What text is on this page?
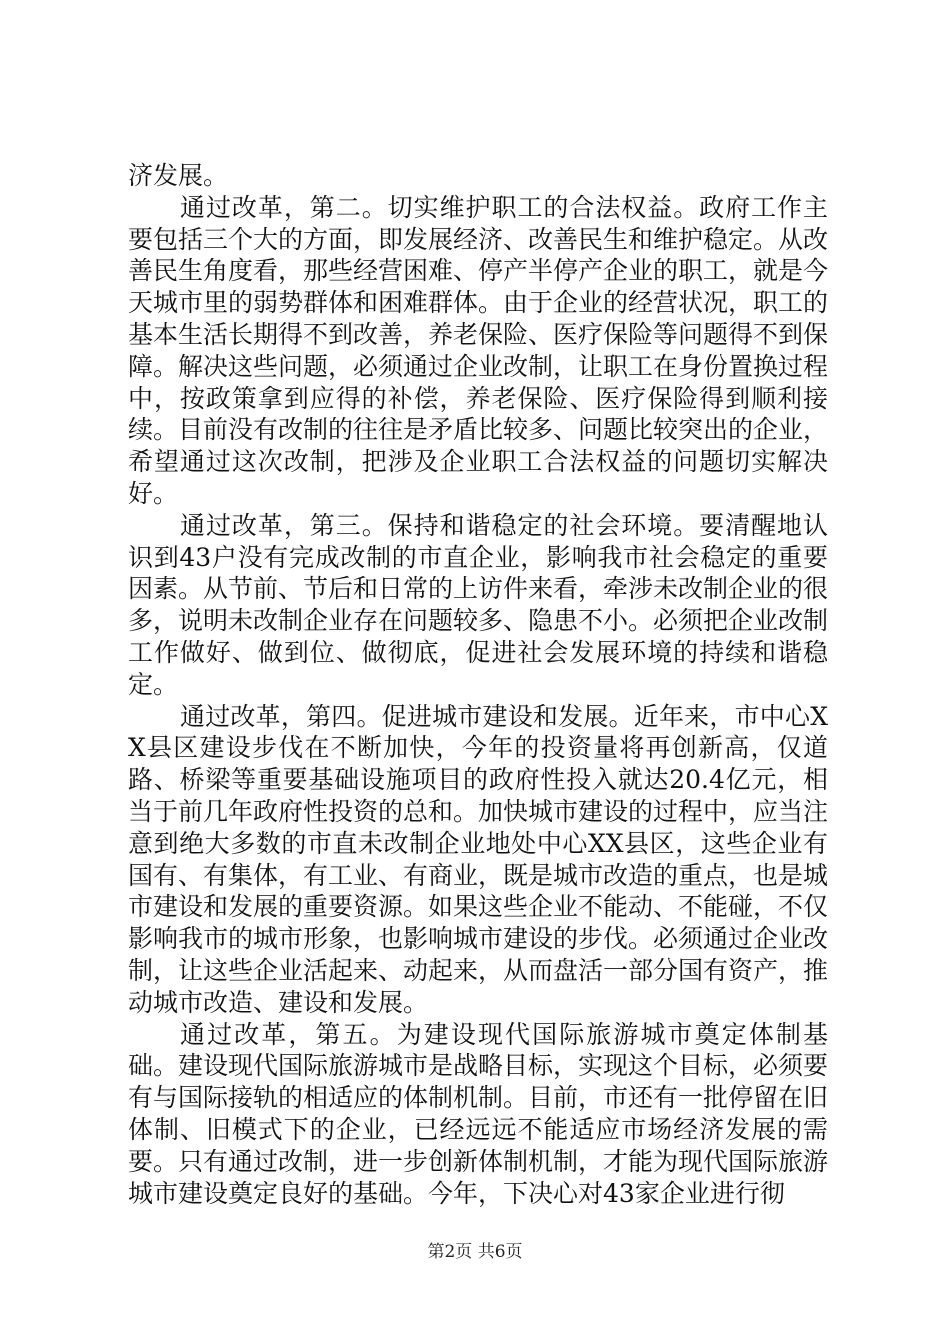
济发展。

通过改革，第二。切实维护职工的合法权益。政府工作主要包括三个大的方面，即发展经济、改善民生和维护稳定。从改善民生角度看，那些经营困难、停产半停产企业的职工，就是今天城市里的弱势群体和困难群体。由于企业的经营状况，职工的基本生活长期得不到改善，养老保险、医疗保险等问题得不到保障。解决这些问题，必须通过企业改制，让职工在身份置换过程中，按政策拿到应得的补偿，养老保险、医疗保险得到顺利接续。目前没有改制的往往是矛盾比较多、问题比较突出的企业，希望通过这次改制，把涉及企业职工合法权益的问题切实解决好。

通过改革，第三。保持和谐稳定的社会环境。要清醒地认识到43户没有完成改制的市直企业，影响我市社会稳定的重要因素。从节前、节后和日常的上访件来看，牵涉未改制企业的很多，说明未改制企业存在问题较多、隐患不小。必须把企业改制工作做好、做到位、做彻底，促进社会发展环境的持续和谐稳定。

通过改革，第四。促进城市建设和发展。近年来，市中心XX县区建设步伐在不断加快，今年的投资量将再创新高，仅道路、桥梁等重要基础设施项目的政府性投入就达20.4亿元，相当于前几年政府性投资的总和。加快城市建设的过程中，应当注意到绝大多数的市直未改制企业地处中心XX县区，这些企业有国有、有集体，有工业、有商业，既是城市改造的重点，也是城市建设和发展的重要资源。如果这些企业不能动、不能碰，不仅影响我市的城市形象，也影响城市建设的步伐。必须通过企业改制，让这些企业活起来、动起来，从而盘活一部分国有资产，推动城市改造、建设和发展。

通过改革，第五。为建设现代国际旅游城市奠定体制基础。建设现代国际旅游城市是战略目标，实现这个目标，必须要有与国际接轨的相适应的体制机制。目前，市还有一批停留在旧体制、旧模式下的企业，已经远远不能适应市场经济发展的需要。只有通过改制，进一步创新体制机制，才能为现代国际旅游城市建设奠定良好的基础。今年，下决心对43家企业进行彻

第2页 共6页
